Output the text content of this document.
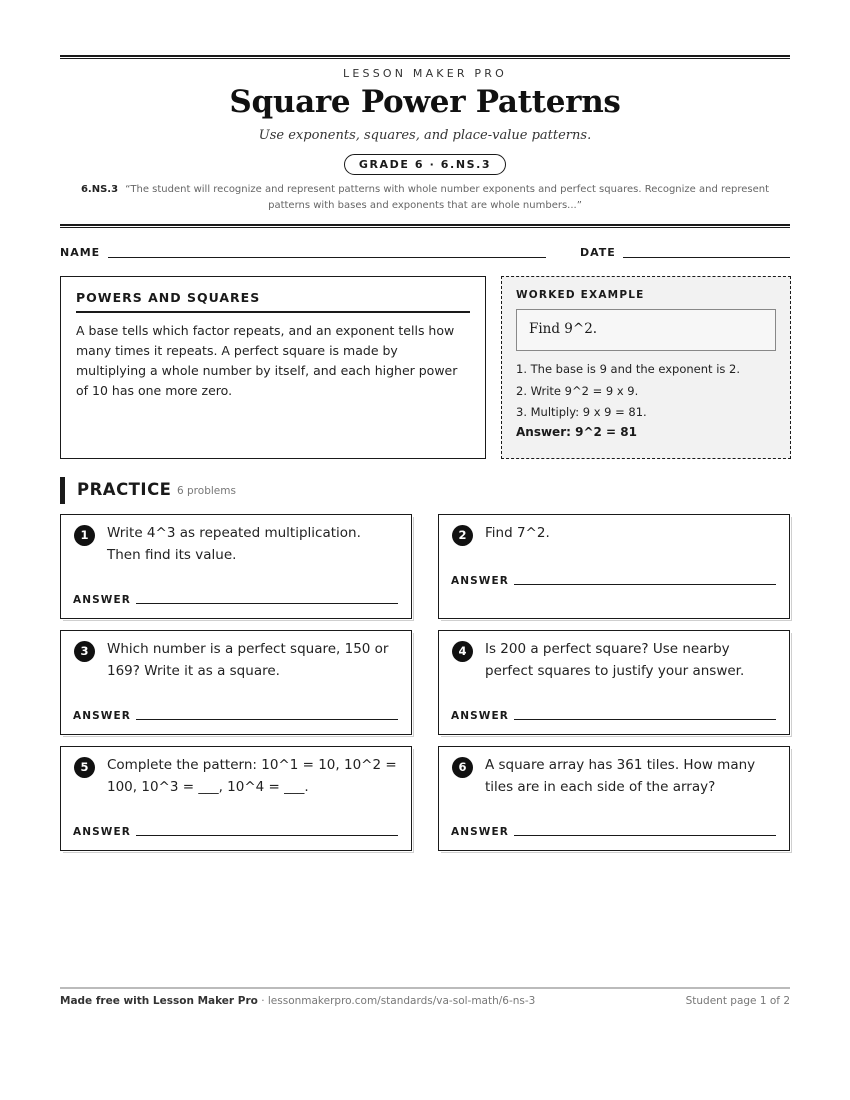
LESSON MAKER PRO
Square Power Patterns
Use exponents, squares, and place-value patterns.
GRADE 6 · 6.NS.3
6.NS.3 “The student will recognize and represent patterns with whole number exponents and perfect squares. Recognize and represent patterns with bases and exponents that are whole numbers...”
NAME	DATE
POWERS AND SQUARES
A base tells which factor repeats, and an exponent tells how many times it repeats. A perfect square is made by multiplying a whole number by itself, and each higher power of 10 has one more zero.
WORKED EXAMPLE
Find 9^2.
1. The base is 9 and the exponent is 2.
2. Write 9^2 = 9 x 9.
3. Multiply: 9 x 9 = 81.
Answer: 9^2 = 81
PRACTICE 6 problems
1	Write 4^3 as repeated multiplication. Then find its value.
ANSWER
2	Find 7^2.
ANSWER
3	Which number is a perfect square, 150 or 169? Write it as a square.
ANSWER
4	Is 200 a perfect square? Use nearby perfect squares to justify your answer.
ANSWER
5	Complete the pattern: 10^1 = 10, 10^2 = 100, 10^3 = ___, 10^4 = ___.
ANSWER
6	A square array has 361 tiles. How many tiles are in each side of the array?
ANSWER
Made free with Lesson Maker Pro · lessonmakerpro.com/standards/va-sol-math/6-ns-3	Student page 1 of 2
